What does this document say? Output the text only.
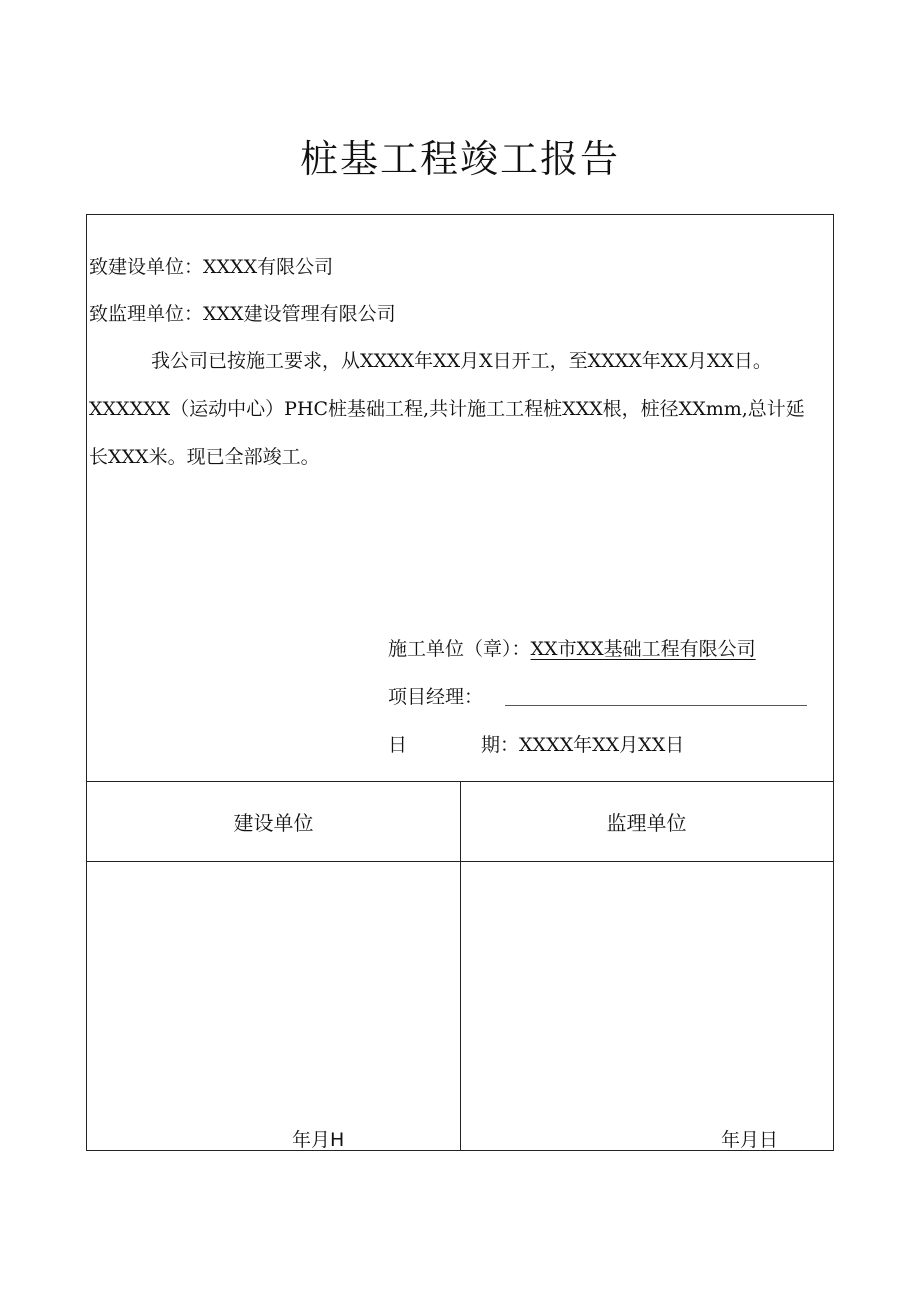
桩基工程竣工报告
致建设单位：XXXX有限公司
致监理单位：XXX建设管理有限公司
我公司已按施工要求，从XXXX年XX月X日开工，至XXXX年XX月XX日。
XXXXXX（运动中心）PHC桩基础工程,共计施工工程桩XXX根，桩径XXmm,总计延
长XXX米。现已全部竣工。
施工单位（章）：XX市XX基础工程有限公司
项目经理：
日	期：XXXX年XX月XX日
建设单位	监理单位
年月H	年月日
